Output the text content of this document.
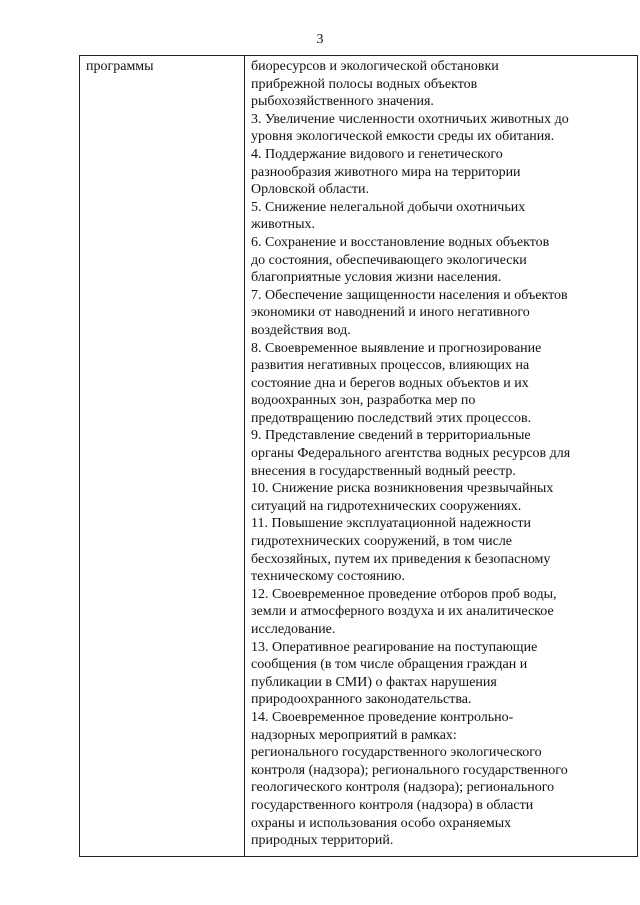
3
программы	биоресурсов и экологической обстановки
прибрежной полосы водных объектов
рыбохозяйственного значения.
3. Увеличение численности охотничьих животных до
уровня экологической емкости среды их обитания.
4. Поддержание видового и генетического
разнообразия животного мира на территории
Орловской области.
5. Снижение нелегальной добычи охотничьих
животных.
6. Сохранение и восстановление водных объектов
до состояния, обеспечивающего экологически
благоприятные условия жизни населения.
7. Обеспечение защищенности населения и объектов
экономики от наводнений и иного негативного
воздействия вод.
8. Своевременное выявление и прогнозирование
развития негативных процессов, влияющих на
состояние дна и берегов водных объектов и их
водоохранных зон, разработка мер по
предотвращению последствий этих процессов.
9. Представление сведений в территориальные
органы Федерального агентства водных ресурсов для
внесения в государственный водный реестр.
10. Снижение риска возникновения чрезвычайных
ситуаций на гидротехнических сооружениях.
11. Повышение эксплуатационной надежности
гидротехнических сооружений, в том числе
бесхозяйных, путем их приведения к безопасному
техническому состоянию.
12. Своевременное проведение отборов проб воды,
земли и атмосферного воздуха и их аналитическое
исследование.
13. Оперативное реагирование на поступающие
сообщения (в том числе обращения граждан и
публикации в СМИ) о фактах нарушения
природоохранного законодательства.
14. Своевременное проведение контрольно-
надзорных мероприятий в рамках:
регионального государственного экологического
контроля (надзора); регионального государственного
геологического контроля (надзора); регионального
государственного контроля (надзора) в области
охраны и использования особо охраняемых
природных территорий.
